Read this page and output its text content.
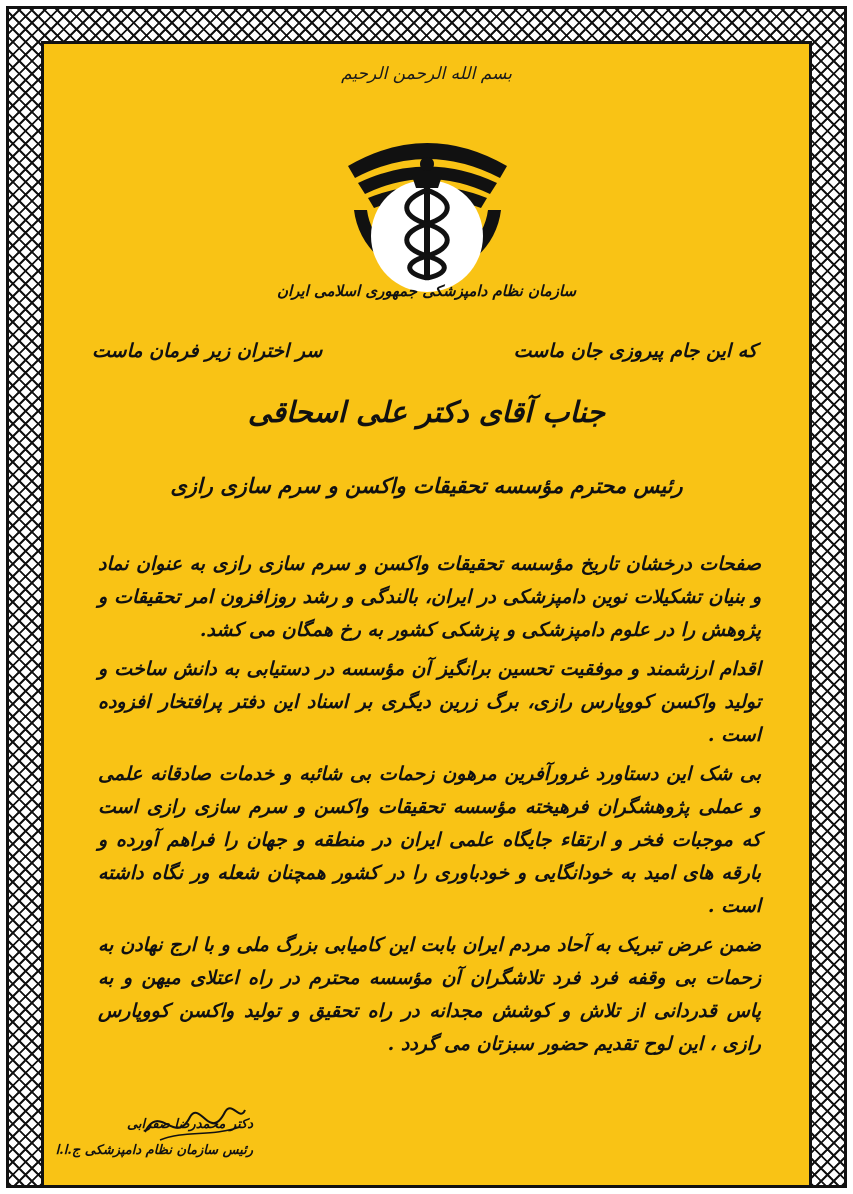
بسم الله الرحمن الرحیم
سازمان نظام دامپزشکی جمهوری اسلامی ایران
که این جام پیروزی جان ماست
سر اختران زیر فرمان ماست
جناب آقای دکتر علی اسحاقی
رئیس محترم مؤسسه تحقیقات واکسن و سرم سازی رازی

صفحات درخشان تاریخ مؤسسه تحقیقات واکسن و سرم سازی رازی به عنوان نماد و بنیان تشکیلات نوین دامپزشکی در ایران، بالندگی و رشد روزافزون امر تحقیقات و پژوهش را در علوم دامپزشکی و پزشکی کشور به رخ همگان می کشد.

اقدام ارزشمند و موفقیت تحسین برانگیز آن مؤسسه در دستیابی به دانش ساخت و تولید واکسن کووپارس رازی، برگ زرین دیگری بر اسناد این دفتر پرافتخار افزوده است .

بی شک این دستاورد غرورآفرین مرهون زحمات بی شائبه و خدمات صادقانه علمی و عملی پژوهشگران فرهیخته مؤسسه تحقیقات واکسن و سرم سازی رازی است که موجبات فخر و ارتقاء جایگاه علمی ایران در منطقه و جهان را فراهم آورده و بارقه های امید به خودانگایی و خودباوری را در کشور همچنان شعله ور نگاه داشته است .

ضمن عرض تبریک به آحاد مردم ایران بابت این کامیابی بزرگ ملی و با ارج نهادن به زحمات بی وقفه فرد فرد تلاشگران آن مؤسسه محترم در راه اعتلای میهن و به پاس قدردانی از تلاش و کوشش مجدانه در راه تحقیق و تولید واکسن کووپارس رازی ، این لوح تقدیم حضور سبزتان می گردد .

دکتر محمدرضا صفرابی
رئیس سازمان نظام دامپزشکی ج.ا.ا
